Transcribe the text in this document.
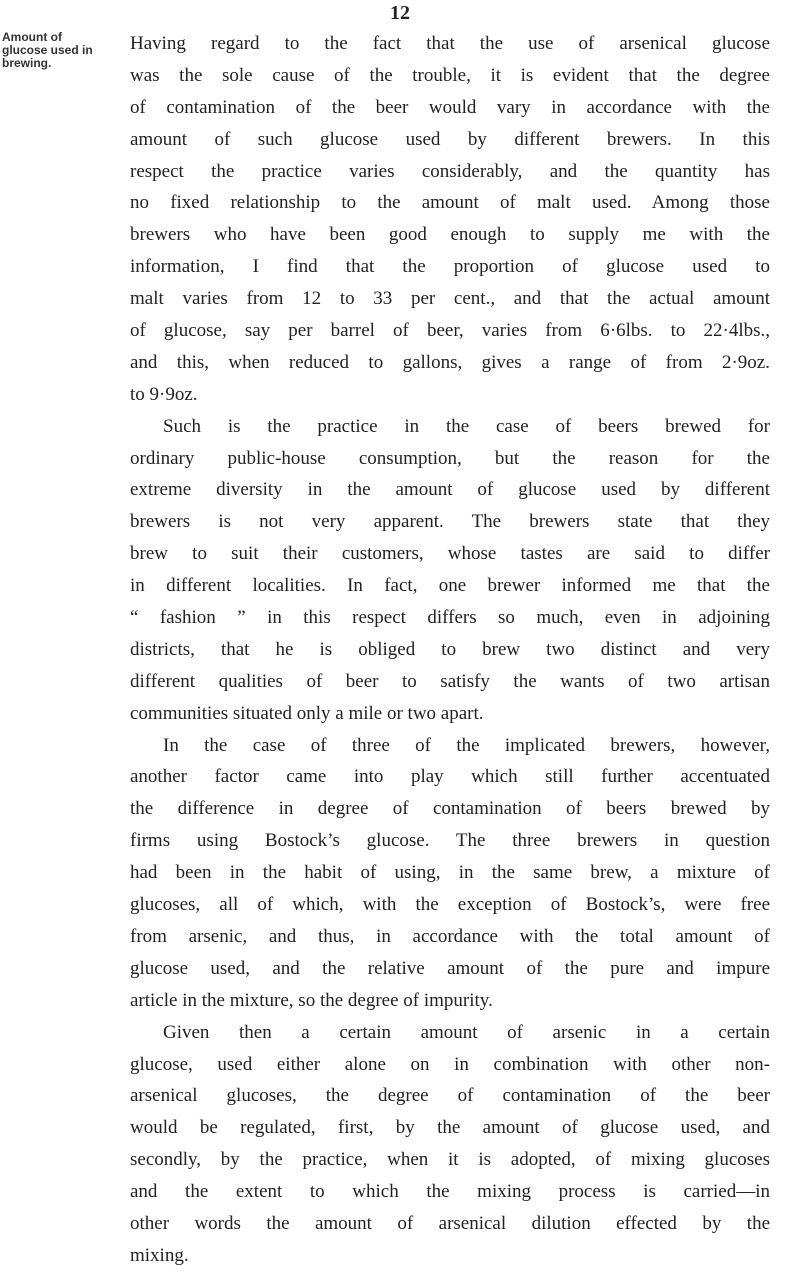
12
Amount of
glucose used in
brewing.
Having regard to the fact that the use of arsenical glucose
was the sole cause of the trouble, it is evident that the degree
of contamination of the beer would vary in accordance with the
amount of such glucose used by different brewers. In this
respect the practice varies considerably, and the quantity has
no fixed relationship to the amount of malt used. Among those
brewers who have been good enough to supply me with the
information, I find that the proportion of glucose used to
malt varies from 12 to 33 per cent., and that the actual amount
of glucose, say per barrel of beer, varies from 6·6lbs. to 22·4lbs.,
and this, when reduced to gallons, gives a range of from 2·9oz.
to 9·9oz.
Such is the practice in the case of beers brewed for
ordinary public-house consumption, but the reason for the
extreme diversity in the amount of glucose used by different
brewers is not very apparent. The brewers state that they
brew to suit their customers, whose tastes are said to differ
in different localities. In fact, one brewer informed me that the
“ fashion ” in this respect differs so much, even in adjoining
districts, that he is obliged to brew two distinct and very
different qualities of beer to satisfy the wants of two artisan
communities situated only a mile or two apart.
In the case of three of the implicated brewers, however,
another factor came into play which still further accentuated
the difference in degree of contamination of beers brewed by
firms using Bostock’s glucose. The three brewers in question
had been in the habit of using, in the same brew, a mixture of
glucoses, all of which, with the exception of Bostock’s, were free
from arsenic, and thus, in accordance with the total amount of
glucose used, and the relative amount of the pure and impure
article in the mixture, so the degree of impurity.
Given then a certain amount of arsenic in a certain
glucose, used either alone on in combination with other non-
arsenical glucoses, the degree of contamination of the beer
would be regulated, first, by the amount of glucose used, and
secondly, by the practice, when it is adopted, of mixing glucoses
and the extent to which the mixing process is carried—in
other words the amount of arsenical dilution effected by the
mixing.
